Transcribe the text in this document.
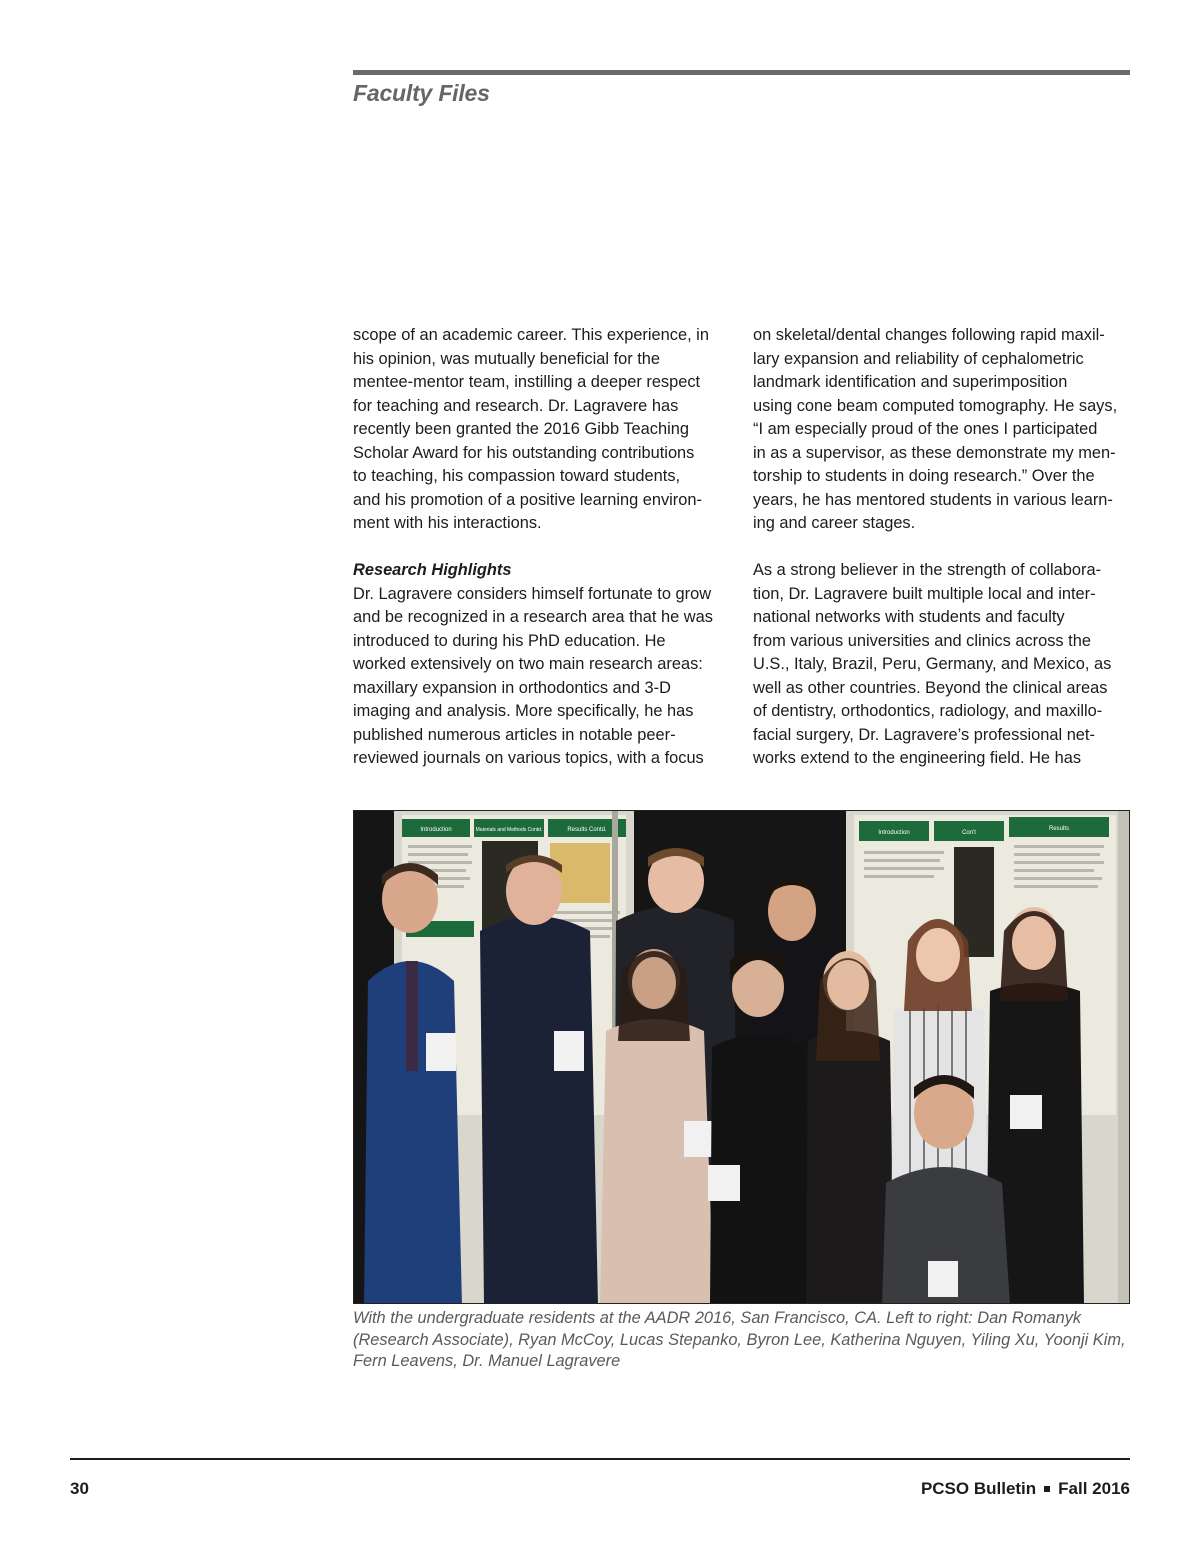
Faculty Files

scope of an academic career. This experience, in

his opinion, was mutually beneficial for the

mentee-mentor team, instilling a deeper respect

for teaching and research. Dr. Lagravere has

recently been granted the 2016 Gibb Teaching

Scholar Award for his outstanding contributions

to teaching, his compassion toward students,

and his promotion of a positive learning environ-

ment with his interactions.

Research Highlights

Dr. Lagravere considers himself fortunate to grow

and be recognized in a research area that he was

introduced to during his PhD education. He

worked extensively on two main research areas:

maxillary expansion in orthodontics and 3-D

imaging and analysis. More specifically, he has

published numerous articles in notable peer-

reviewed journals on various topics, with a focus

on skeletal/dental changes following rapid maxil-

lary expansion and reliability of cephalometric

landmark identification and superimposition

using cone beam computed tomography. He says,

“I am especially proud of the ones I participated

in as a supervisor, as these demonstrate my men-

torship to students in doing research.” Over the

years, he has mentored students in various learn-

ing and career stages.

As a strong believer in the strength of collabora-

tion, Dr. Lagravere built multiple local and inter-

national networks with students and faculty

from various universities and clinics across the

U.S., Italy, Brazil, Peru, Germany, and Mexico, as

well as other countries. Beyond the clinical areas

of dentistry, orthodontics, radiology, and maxillo-

facial surgery, Dr. Lagravere’s professional net-

works extend to the engineering field. He has

Introduction	Materials and Methods Contd.	Results Contd.	Introduction	Con't
Results
With the undergraduate residents at the AADR 2016, San Francisco, CA. Left to right: Dan Romanyk
(Research Associate), Ryan McCoy, Lucas Stepanko, Byron Lee, Katherina Nguyen, Yiling Xu, Yoonji Kim,
Fern Leavens, Dr. Manuel Lagravere
30	PCSO Bulletin Fall 2016
